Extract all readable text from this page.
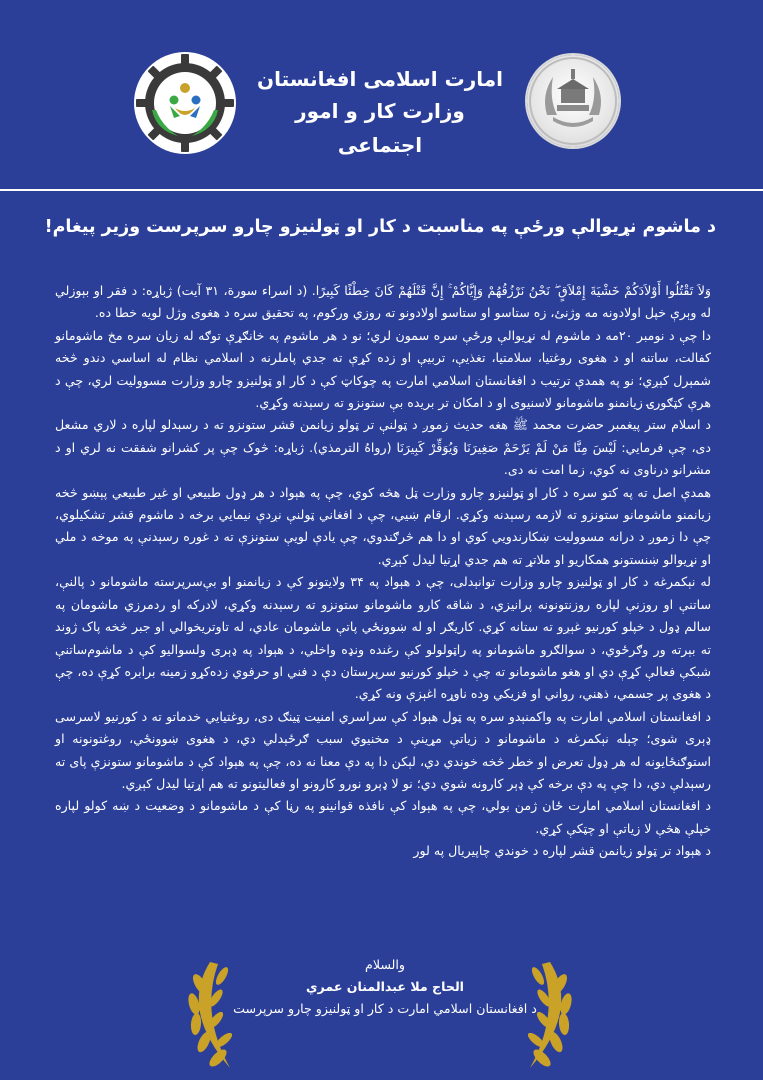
امارت اسلامی افغانستان
وزارت کار و امور اجتماعی
د ماشوم نړيوالې ورځې په مناسبت د کار او ټولنيزو چارو سرپرست وزير پيغام!

وَلاَ تَقْتُلُوا أَوْلاَدَكُمْ خَشْيَةَ إِمْلاَقٍ ۖ نَحْنُ نَرْزُقُهُمْ وَإِيَّاكُمْ ۚ إِنَّ قَتْلَهُمْ كَانَ خِطْئًا كَبِيرًا. (د اسراء سورة، ۳۱ آيت) ژباړه: د فقر او بېوزلي له وېرې خپل اولادونه مه وژنئ، زه ستاسو او ستاسو اولادونو ته روزي ورکوم، په تحقيق سره د هغوی وژل لويه خطا ده.

دا چې د نومبر ۲۰مه د ماشوم له نړيوالې ورځې سره سمون لري؛ نو د هر ماشوم په خانګړې توګه له زيان سره مخ ماشومانو کفالت، ساتنه او د هغوی روغتيا، سلامتيا، تغذيې، تربيې او زده کړې ته جدي پاملرنه د اسلامي نظام له اساسي دندو څخه شمېرل کېږي؛ نو په همدې ترتيب د افغانستان اسلامي امارت په چوکاټ کې د کار او ټولنيزو چارو وزارت مسووليت لري، چې د هرې کټګورۍ زيانمنو ماشومانو لاسنيوی او د امکان تر بريده بې ستونزو ته رسېدنه وکړي.

د اسلام ستر پيغمبر حضرت محمد ﷺ هغه حديث زموږ د ټولنې تر ټولو زيانمن قشر ستونزو ته د رسېدلو لپاره د لاري مشعل دی، چې فرمايي: لَيْسَ مِنَّا مَنْ لَمْ يَرْحَمْ صَغِيرَنَا وَيُوَقِّرْ كَبِيرَنَا (رواهُ الترمذي). ژباړه: څوک چې پر کشرانو شفقت نه لري او د مشرانو درناوی نه کوي، زما امت نه دی.

همدې اصل ته په کتو سره د کار او ټولنيزو چارو وزارت ټل هڅه کوي، چې په هېواد د هر ډول طبيعي او غير طبيعي پېښو څخه زيانمنو ماشومانو ستونزو ته لازمه رسېدنه وکړي. ارقام ښيي، چې د افغاني ټولنې نږدې نيمايي برخه د ماشوم قشر تشکيلوي، چې دا زموږ د درانه مسووليت ښکارندويي کوي او دا هم څرګندوي، چې يادې لويې ستونزې ته د غوره رسېدنې په موخه د ملي او نړيوالو ښنستونو همکاريو او ملاتړ ته هم جدي اړتيا ليدل کېږي.

له نېکمرغه د کار او ټولنيزو چارو وزارت توانېدلی، چې د هېواد په ۳۴ ولايتونو کې د زيانمنو او بې‌سرپرسته ماشومانو د پالنې، ساتنې او روزنې لپاره روزنتونونه پرانيزي، د شاقه کارو ماشومانو ستونزو ته رسېدنه وکړي، لادرکه او ردمرزي ماشومان په سالم ډول د خپلو کورنيو غېږو ته ستانه کړي. کاريګر او له ښوونځي پاتې ماشومان عادي، له تاوتريخوالي او جبر څخه پاک ژوند ته بېرته ور وګرځوي، د سوالګرو ماشومانو په راټولولو کې رغنده ونډه واخلي، د هېواد په ډېری ولسواليو کې د ماشوم‌ساتنې شبکې فعالې کړې دي او هغو ماشومانو ته چې د خپلو کورنيو سرپرستان دې د فني او حرفوي زده‌کړو زمينه برابره کړې ده، چې د هغوی پر جسمي، ذهني، رواني او فزيکي وده ناوړه اغېزې ونه کړي.

د افغانستان اسلامي امارت په واکمنېدو سره په ټول هېواد کې سراسري امنيت ټينګ دی، روغتيايي خدماتو ته د کورنيو لاسرسی ډېری شوی؛ چېله نېکمرغه د ماشومانو د زياتې مړينې د مخنيوي سبب ګرځېدلي دي، د هغوی ښوونځي، روغتونونه او استوګنځايونه له هر ډول تعرض او خطر څخه خوندي دي، لېکن دا په دې معنا نه ده، چې په هېواد کې د ماشومانو ستونزې پای ته رسېدلې دي، دا چې په دې برخه کې ډېر کارونه شوي دي؛ نو لا ډېرو نورو کارونو او فعاليتونو ته هم اړتيا ليدل کېږي.

د افغانستان اسلامي امارت ځان ژمن بولي، چې په هېواد کې نافذه قوانينو په رڼا کې د ماشومانو د وضعيت د ښه کولو لپاره خپلې هڅې لا زياتې او چټکې کړي.

د هېواد تر ټولو زيانمن قشر لپاره د خوندي چاپيريال په لور

والسلام
الحاج ملا عبدالمنان عمري
د افغانستان اسلامي امارت د کار او ټولنيزو چارو سرپرست
